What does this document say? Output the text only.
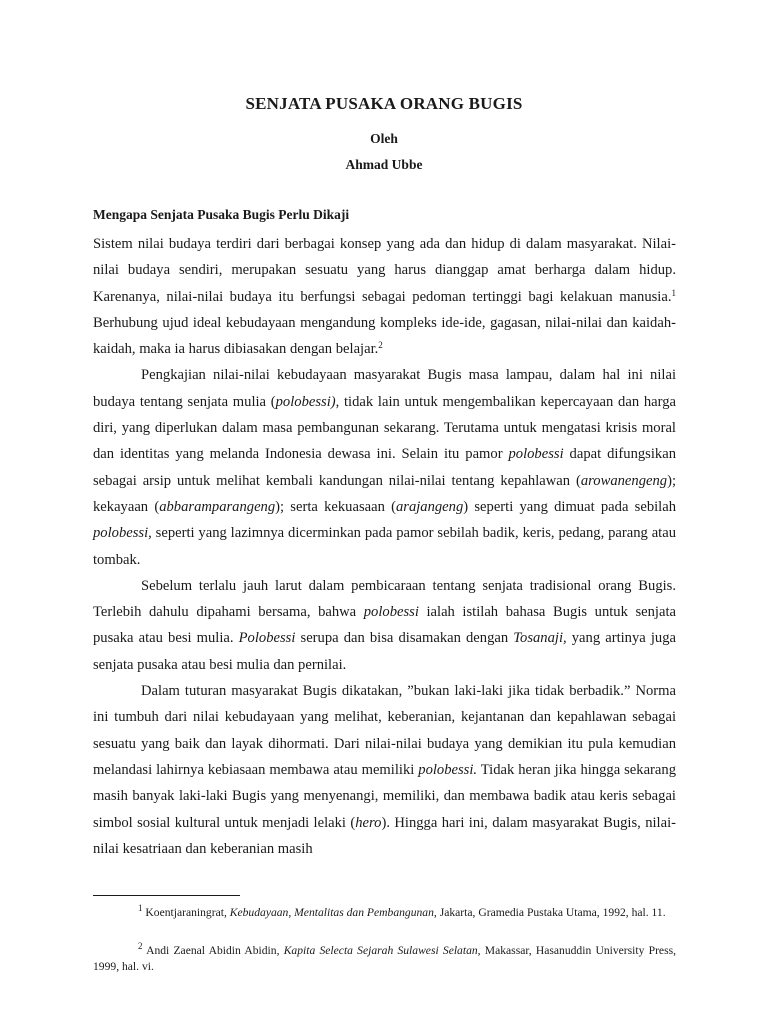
SENJATA PUSAKA ORANG BUGIS
Oleh
Ahmad Ubbe
Mengapa Senjata Pusaka Bugis Perlu Dikaji

Sistem nilai budaya terdiri dari berbagai konsep yang ada dan hidup di dalam masyarakat. Nilai-nilai budaya sendiri, merupakan sesuatu yang harus dianggap amat berharga dalam hidup. Karenanya, nilai-nilai budaya itu berfungsi sebagai pedoman tertinggi bagi kelakuan manusia.$^1$ Berhubung ujud ideal kebudayaan mengandung kompleks ide-ide, gagasan, nilai-nilai dan kaidah-kaidah, maka ia harus dibiasakan dengan belajar.$^2$

Pengkajian nilai-nilai kebudayaan masyarakat Bugis masa lampau, dalam hal ini nilai budaya tentang senjata mulia (polobessi), tidak lain untuk mengembalikan kepercayaan dan harga diri, yang diperlukan dalam masa pembangunan sekarang. Terutama untuk mengatasi krisis moral dan identitas yang melanda Indonesia dewasa ini. Selain itu pamor polobessi dapat difungsikan sebagai arsip untuk melihat kembali kandungan nilai-nilai tentang kepahlawan (arowanengeng); kekayaan (abbaramparangeng); serta kekuasaan (arajangeng) seperti yang dimuat pada sebilah polobessi, seperti yang lazimnya dicerminkan pada pamor sebilah badik, keris, pedang, parang atau tombak.

Sebelum terlalu jauh larut dalam pembicaraan tentang senjata tradisional orang Bugis. Terlebih dahulu dipahami bersama, bahwa polobessi ialah istilah bahasa Bugis untuk senjata pusaka atau besi mulia. Polobessi serupa dan bisa disamakan dengan Tosanaji, yang artinya juga senjata pusaka atau besi mulia dan pernilai.

Dalam tuturan masyarakat Bugis dikatakan, ”bukan laki-laki jika tidak berbadik.” Norma ini tumbuh dari nilai kebudayaan yang melihat, keberanian, kejantanan dan kepahlawan sebagai sesuatu yang baik dan layak dihormati. Dari nilai-nilai budaya yang demikian itu pula kemudian melandasi lahirnya kebiasaan membawa atau memiliki polobessi. Tidak heran jika hingga sekarang masih banyak laki-laki Bugis yang menyenangi, memiliki, dan membawa badik atau keris sebagai simbol sosial kultural untuk menjadi lelaki (hero). Hingga hari ini, dalam masyarakat Bugis, nilai-nilai kesatriaan dan keberanian masih

$^1$ Koentjaraningrat, Kebudayaan, Mentalitas dan Pembangunan, Jakarta, Gramedia Pustaka Utama, 1992, hal. 11.

$^2$ Andi Zaenal Abidin Abidin, Kapita Selecta Sejarah Sulawesi Selatan, Makassar, Hasanuddin University Press, 1999, hal. vi.
